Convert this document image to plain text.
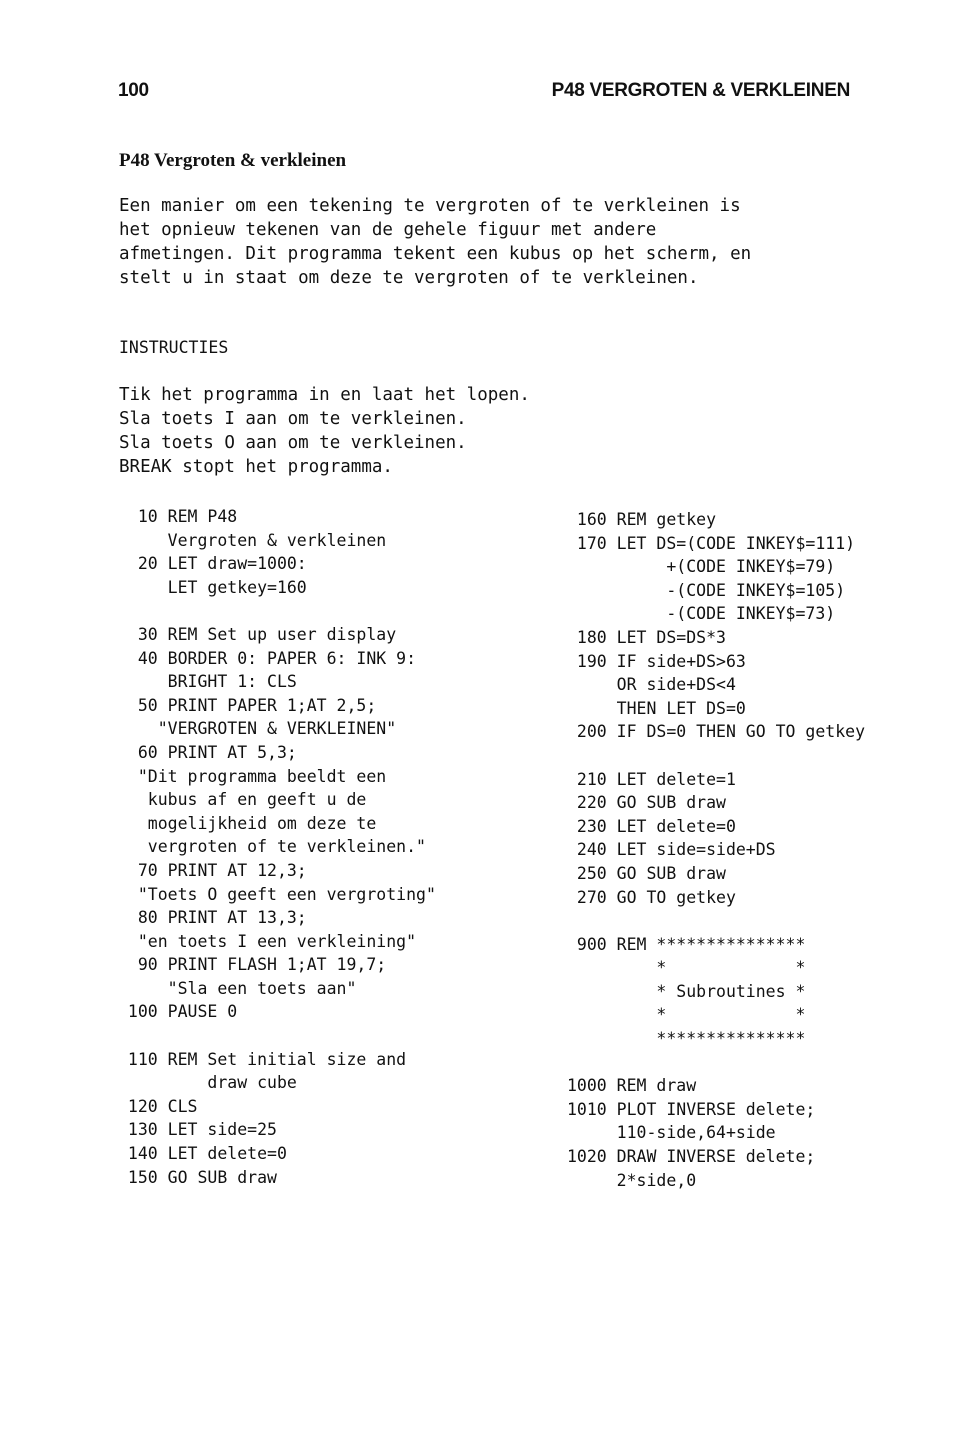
100	P48 VERGROTEN & VERKLEINEN
P48 Vergroten & verkleinen
Een manier om een tekening te vergroten of te verkleinen is
het opnieuw tekenen van de gehele figuur met andere
afmetingen. Dit programma tekent een kubus op het scherm, en
stelt u in staat om deze te vergroten of te verkleinen.
INSTRUCTIES
Tik het programma in en laat het lopen.
Sla toets I aan om te verkleinen.
Sla toets O aan om te verkleinen.
BREAK stopt het programma.
10 REM P48
Vergroten & verkleinen
20 LET draw=1000:
LET getkey=160
30 REM Set up user display
40 BORDER 0: PAPER 6: INK 9:
BRIGHT 1: CLS
50 PRINT PAPER 1;AT 2,5;
"VERGROTEN & VERKLEINEN"
60 PRINT AT 5,3;
"Dit programma beeldt een
kubus af en geeft u de
mogelijkheid om deze te
vergroten of te verkleinen."
70 PRINT AT 12,3;
"Toets O geeft een vergroting"
80 PRINT AT 13,3;
"en toets I een verkleining"
90 PRINT FLASH 1;AT 19,7;
"Sla een toets aan"
100 PAUSE 0
110 REM Set initial size and
draw cube
120 CLS
130 LET side=25
140 LET delete=0
150 GO SUB draw
160 REM getkey
170 LET DS=(CODE INKEY$=111)
+(CODE INKEY$=79)
-(CODE INKEY$=105)
-(CODE INKEY$=73)
180 LET DS=DS*3
190 IF side+DS>63
OR side+DS<4
THEN LET DS=0
200 IF DS=0 THEN GO TO getkey
210 LET delete=1
220 GO SUB draw
230 LET delete=0
240 LET side=side+DS
250 GO SUB draw
270 GO TO getkey
900 REM ***************
*             *
* Subroutines *
*             *
***************
1000 REM draw
1010 PLOT INVERSE delete;
110-side,64+side
1020 DRAW INVERSE delete;
2*side,0
